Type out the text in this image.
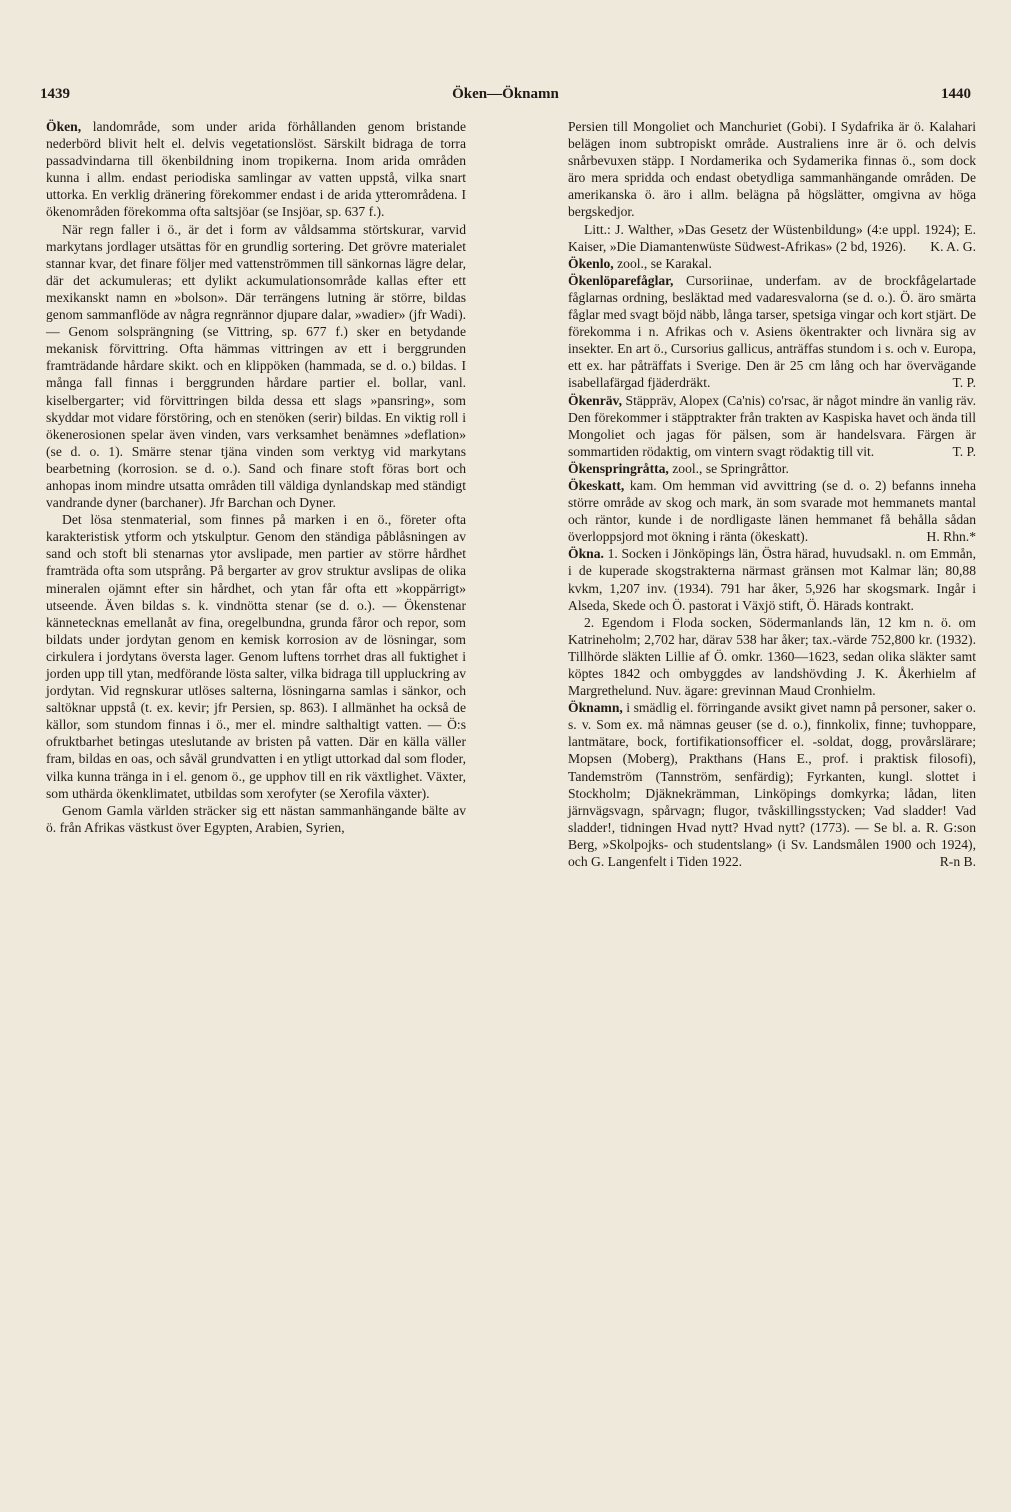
1439	Öken—Öknamn	1440

Öken, landområde, som under arida förhållanden genom bristande nederbörd blivit helt el. delvis vegetationslöst. Särskilt bidraga de torra passadvindarna till ökenbildning inom tropikerna. Inom arida områden kunna i allm. endast periodiska samlingar av vatten uppstå, vilka snart uttorka. En verklig dränering förekommer endast i de arida ytterområdena. I ökenområden förekomma ofta saltsjöar (se Insjöar, sp. 637 f.).

När regn faller i ö., är det i form av våldsamma störtskurar, varvid markytans jordlager utsättas för en grundlig sortering. Det grövre materialet stannar kvar, det finare följer med vattenströmmen till sänkornas lägre delar, där det ackumuleras; ett dylikt ackumulationsområde kallas efter ett mexikanskt namn en »bolson». Där terrängens lutning är större, bildas genom sammanflöde av några regnrännor djupare dalar, »wadier» (jfr Wadi). — Genom solsprängning (se Vittring, sp. 677 f.) sker en betydande mekanisk förvittring. Ofta hämmas vittringen av ett i berggrunden framträdande hårdare skikt. och en klippöken (hammada, se d. o.) bildas. I många fall finnas i berggrunden hårdare partier el. bollar, vanl. kiselbergarter; vid förvittringen bilda dessa ett slags »pansring», som skyddar mot vidare förstöring, och en stenöken (serir) bildas. En viktig roll i ökenerosionen spelar även vinden, vars verksamhet benämnes »deflation» (se d. o. 1). Smärre stenar tjäna vinden som verktyg vid markytans bearbetning (korrosion. se d. o.). Sand och finare stoft föras bort och anhopas inom mindre utsatta områden till väldiga dynlandskap med ständigt vandrande dyner (barchaner). Jfr Barchan och Dyner.

Det lösa stenmaterial, som finnes på marken i en ö., företer ofta karakteristisk ytform och ytskulptur. Genom den ständiga påblåsningen av sand och stoft bli stenarnas ytor avslipade, men partier av större hårdhet framträda ofta som utsprång. På bergarter av grov struktur avslipas de olika mineralen ojämnt efter sin hårdhet, och ytan får ofta ett »koppärrigt» utseende. Även bildas s. k. vindnötta stenar (se d. o.). — Ökenstenar kännetecknas emellanåt av fina, oregelbundna, grunda fåror och repor, som bildats under jordytan genom en kemisk korrosion av de lösningar, som cirkulera i jordytans översta lager. Genom luftens torrhet dras all fuktighet i jorden upp till ytan, medförande lösta salter, vilka bidraga till uppluckring av jordytan. Vid regnskurar utlöses salterna, lösningarna samlas i sänkor, och saltöknar uppstå (t. ex. kevir; jfr Persien, sp. 863). I allmänhet ha också de källor, som stundom finnas i ö., mer el. mindre salthaltigt vatten. — Ö:s ofruktbarhet betingas uteslutande av bristen på vatten. Där en källa väller fram, bildas en oas, och såväl grundvatten i en ytligt uttorkad dal som floder, vilka kunna tränga in i el. genom ö., ge upphov till en rik växtlighet. Växter, som uthärda ökenklimatet, utbildas som xerofyter (se Xerofila växter).

Genom Gamla världen sträcker sig ett nästan sammanhängande bälte av ö. från Afrikas västkust över Egypten, Arabien, Syrien,

Persien till Mongoliet och Manchuriet (Gobi). I Sydafrika är ö. Kalahari belägen inom subtropiskt område. Australiens inre är ö. och delvis snårbevuxen stäpp. I Nordamerika och Sydamerika finnas ö., som dock äro mera spridda och endast obetydliga sammanhängande områden. De amerikanska ö. äro i allm. belägna på högslätter, omgivna av höga bergskedjor.

Litt.: J. Walther, »Das Gesetz der Wüstenbildung» (4:e uppl. 1924); E. Kaiser, »Die Diamantenwüste Südwest-Afrikas» (2 bd, 1926).	K. A. G.

Ökenlo, zool., se Karakal.

Ökenlöparefåglar, Cursoriinae, underfam. av de brockfågelartade fåglarnas ordning, besläktad med vadaresvalorna (se d. o.). Ö. äro smärta fåglar med svagt böjd näbb, långa tarser, spetsiga vingar och kort stjärt. De förekomma i n. Afrikas och v. Asiens ökentrakter och livnära sig av insekter. En art ö., Cursorius gallicus, anträffas stundom i s. och v. Europa, ett ex. har påträffats i Sverige. Den är 25 cm lång och har övervägande isabellafärgad fjäderdräkt.	T. P.

Ökenräv, Stäppräv, Alopex (Ca'nis) co'rsac, är något mindre än vanlig räv. Den förekommer i stäpptrakter från trakten av Kaspiska havet och ända till Mongoliet och jagas för pälsen, som är handelsvara. Färgen är sommartiden rödaktig, om vintern svagt rödaktig till vit.	T. P.

Ökenspringråtta, zool., se Springråttor.

Ökeskatt, kam. Om hemman vid avvittring (se d. o. 2) befanns inneha större område av skog och mark, än som svarade mot hemmanets mantal och räntor, kunde i de nordligaste länen hemmanet få behålla sådan överloppsjord mot ökning i ränta (ökeskatt).	H. Rhn.*

Ökna. 1. Socken i Jönköpings län, Östra härad, huvudsakl. n. om Emmån, i de kuperade skogstrakterna närmast gränsen mot Kalmar län; 80,88 kvkm, 1,207 inv. (1934). 791 har åker, 5,926 har skogsmark. Ingår i Alseda, Skede och Ö. pastorat i Växjö stift, Ö. Härads kontrakt.

2. Egendom i Floda socken, Södermanlands län, 12 km n. ö. om Katrineholm; 2,702 har, därav 538 har åker; tax.-värde 752,800 kr. (1932). Tillhörde släkten Lillie af Ö. omkr. 1360—1623, sedan olika släkter samt köptes 1842 och ombyggdes av landshövding J. K. Åkerhielm af Margrethelund. Nuv. ägare: grevinnan Maud Cronhielm.

Öknamn, i smädlig el. förringande avsikt givet namn på personer, saker o. s. v. Som ex. må nämnas geuser (se d. o.), finnkolix, finne; tuvhoppare, lantmätare, bock, fortifikationsofficer el. -soldat, dogg, provårslärare; Mopsen (Moberg), Prakthans (Hans E., prof. i praktisk filosofi), Tandemström (Tannström, senfärdig); Fyrkanten, kungl. slottet i Stockholm; Djäknekrämman, Linköpings domkyrka; lådan, liten järnvägsvagn, spårvagn; flugor, tvåskillingsstycken; Vad sladder! Vad sladder!, tidningen Hvad nytt? Hvad nytt? (1773). — Se bl. a. R. G:son Berg, »Skolpojks- och studentslang» (i Sv. Landsmålen 1900 och 1924), och G. Langenfelt i Tiden 1922.	R-n B.
